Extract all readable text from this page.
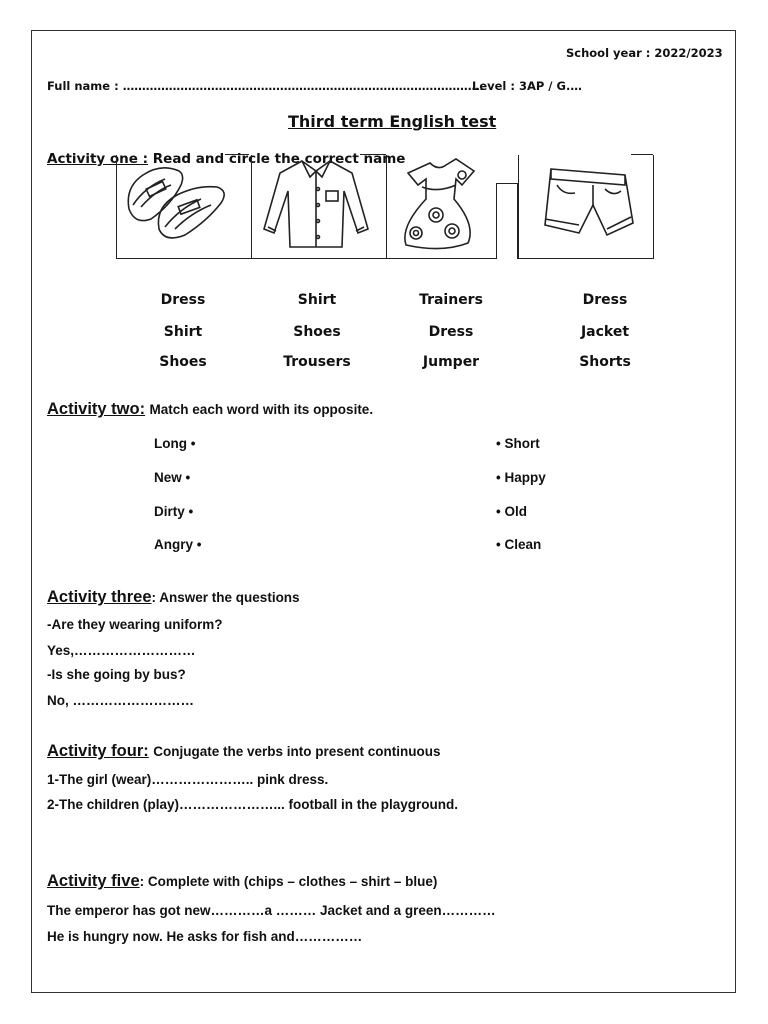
School year : 2022/2023
Full name : ………………………………………………………………………………….
Level : 3AP / G.…
Third term English test
Activity one : Read and circle the correct name
Dress
Shirt
Shoes
Shirt
Shoes
Trousers
Trainers
Dress
Jumper
Dress
Jacket
Shorts
Activity two: Match each word with its opposite.
Long •
New •
Dirty •
Angry •
• Short
• Happy
• Old
• Clean
Activity three: Answer the questions
-Are they wearing uniform?
Yes,………………………
-Is she going by bus?
No, ………………………
Activity four: Conjugate the verbs into present continuous
1-The girl (wear)………………….. pink dress.
2-The children (play)…………………... football in the playground.
Activity five: Complete with (chips – clothes – shirt – blue)
The emperor has got new…………a ……… Jacket and a green…………
He is hungry now. He asks for fish and……………
